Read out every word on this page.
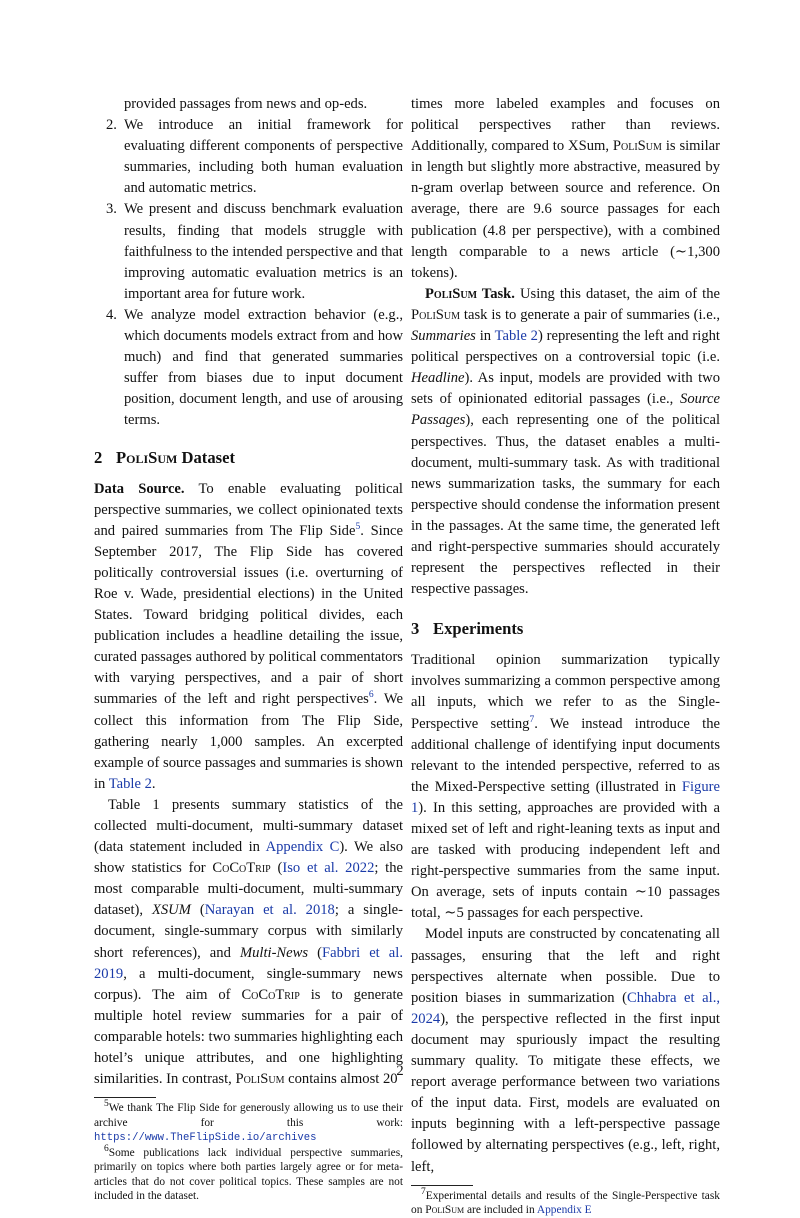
provided passages from news and op-eds.

2. We introduce an initial framework for evaluating different components of perspective summaries, including both human evaluation and automatic metrics.
3. We present and discuss benchmark evaluation results, finding that models struggle with faithfulness to the intended perspective and that improving automatic evaluation metrics is an important area for future work.
4. We analyze model extraction behavior (e.g., which documents models extract from and how much) and find that generated summaries suffer from biases due to input document position, document length, and use of arousing terms.
2 PoliSum Dataset

Data Source. To enable evaluating political perspective summaries, we collect opinionated texts and paired summaries from The Flip Side$^5$. Since September 2017, The Flip Side has covered politically controversial issues (i.e. overturning of Roe v. Wade, presidential elections) in the United States. Toward bridging political divides, each publication includes a headline detailing the issue, curated passages authored by political commentators with varying perspectives, and a pair of short summaries of the left and right perspectives$^6$. We collect this information from The Flip Side, gathering nearly 1,000 samples. An excerpted example of source passages and summaries is shown in Table 2.

Table 1 presents summary statistics of the collected multi-document, multi-summary dataset (data statement included in Appendix C). We also show statistics for CoCoTrip (Iso et al. 2022; the most comparable multi-document, multi-summary dataset), XSUM (Narayan et al. 2018; a single-document, single-summary corpus with similarly short references), and Multi-News (Fabbri et al. 2019, a multi-document, single-summary news corpus). The aim of CoCoTrip is to generate multiple hotel review summaries for a pair of comparable hotels: two summaries highlighting each hotel’s unique attributes, and one highlighting similarities. In contrast, PoliSum contains almost 20

$^5$We thank The Flip Side for generously allowing us to use their archive for this work: https://www.TheFlipSide.io/archives

$^6$Some publications lack individual perspective summaries, primarily on topics where both parties largely agree or for meta-articles that do not cover political topics. These samples are not included in the dataset.

times more labeled examples and focuses on political perspectives rather than reviews. Additionally, compared to XSum, PoliSum is similar in length but slightly more abstractive, measured by n-gram overlap between source and reference. On average, there are 9.6 source passages for each publication (4.8 per perspective), with a combined length comparable to a news article (∼1,300 tokens).

PoliSum Task. Using this dataset, the aim of the PoliSum task is to generate a pair of summaries (i.e., Summaries in Table 2) representing the left and right political perspectives on a controversial topic (i.e. Headline). As input, models are provided with two sets of opinionated editorial passages (i.e., Source Passages), each representing one of the political perspectives. Thus, the dataset enables a multi-document, multi-summary task. As with traditional news summarization tasks, the summary for each perspective should condense the information present in the passages. At the same time, the generated left and right-perspective summaries should accurately represent the perspectives reflected in their respective passages.

3 Experiments

Traditional opinion summarization typically involves summarizing a common perspective among all inputs, which we refer to as the Single-Perspective setting$^7$. We instead introduce the additional challenge of identifying input documents relevant to the intended perspective, referred to as the Mixed-Perspective setting (illustrated in Figure 1). In this setting, approaches are provided with a mixed set of left and right-leaning texts as input and are tasked with producing independent left and right-perspective summaries from the same input. On average, sets of inputs contain ∼10 passages total, ∼5 passages for each perspective.

Model inputs are constructed by concatenating all passages, ensuring that the left and right perspectives alternate when possible. Due to position biases in summarization (Chhabra et al., 2024), the perspective reflected in the first input document may spuriously impact the resulting summary quality. To mitigate these effects, we report average performance between two variations of the input data. First, models are evaluated on inputs beginning with a left-perspective passage followed by alternating perspectives (e.g., left, right, left,

$^7$Experimental details and results of the Single-Perspective task on PoliSum are included in Appendix E

2
